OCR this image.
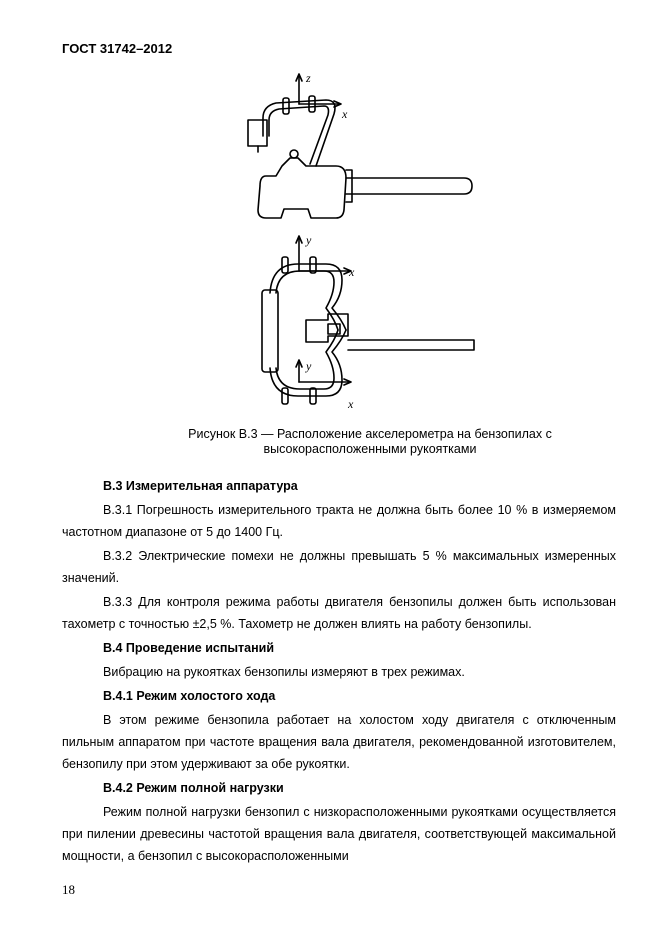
ГОСТ 31742–2012
z
x
y
x
y
x
Рисунок В.3 — Расположение акселерометра на бензопилах с
высокорасположенными рукоятками
В.3 Измерительная аппаратура
В.3.1 Погрешность измерительного тракта не должна быть более 10 % в измеряемом частотном диапазоне от 5 до 1400 Гц.
В.3.2 Электрические помехи не должны превышать 5 % максимальных измеренных значений.
В.3.3 Для контроля режима работы двигателя бензопилы должен быть использован тахометр с точностью ±2,5 %. Тахометр не должен влиять на работу бензопилы.
В.4 Проведение испытаний
Вибрацию на рукоятках бензопилы измеряют в трех режимах.
В.4.1 Режим холостого хода
В этом режиме бензопила работает на холостом ходу двигателя с отключенным пильным аппаратом при частоте вращения вала двигателя, рекомендованной изготовителем, бензопилу при этом удерживают за обе рукоятки.
В.4.2 Режим полной нагрузки
Режим полной нагрузки бензопил с низкорасположенными рукоятками осуществляется при пилении древесины частотой вращения вала двигателя, соответствующей максимальной мощности, а бензопил с высокорасположенными
18
